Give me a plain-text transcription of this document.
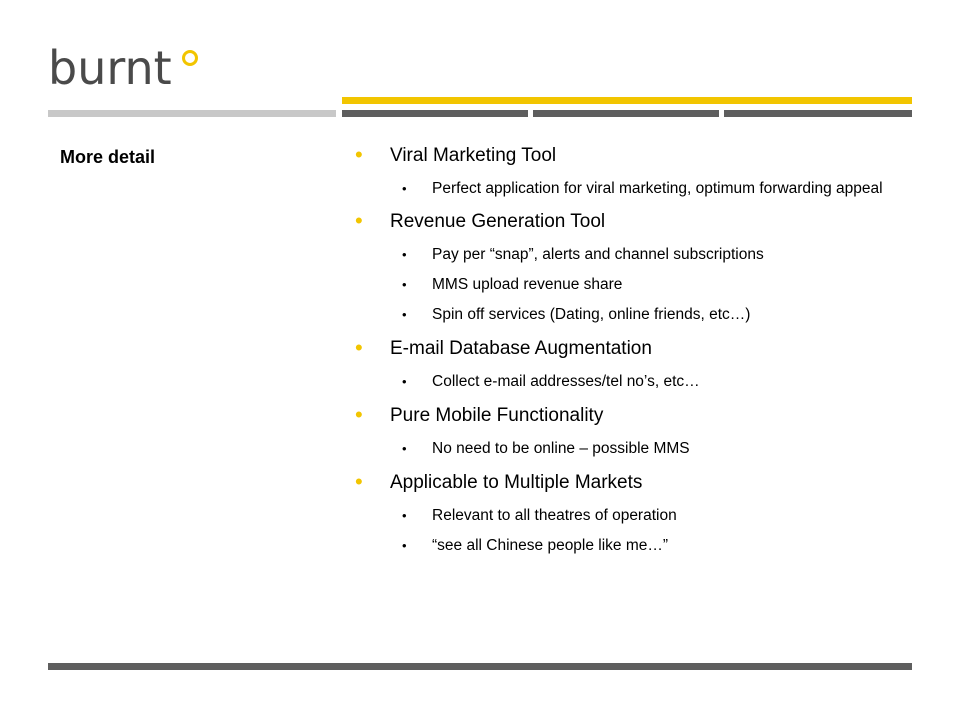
burnt
More detail	• Viral Marketing Tool
• Perfect application for viral marketing, optimum forwarding appeal
• Revenue Generation Tool
• Pay per “snap”, alerts and channel subscriptions
• MMS upload revenue share
• Spin off services (Dating, online friends, etc…)
• E-mail Database Augmentation
• Collect e-mail addresses/tel no’s, etc…
• Pure Mobile Functionality
• No need to be online – possible MMS
• Applicable to Multiple Markets
• Relevant to all theatres of operation
• “see all Chinese people like me…”
